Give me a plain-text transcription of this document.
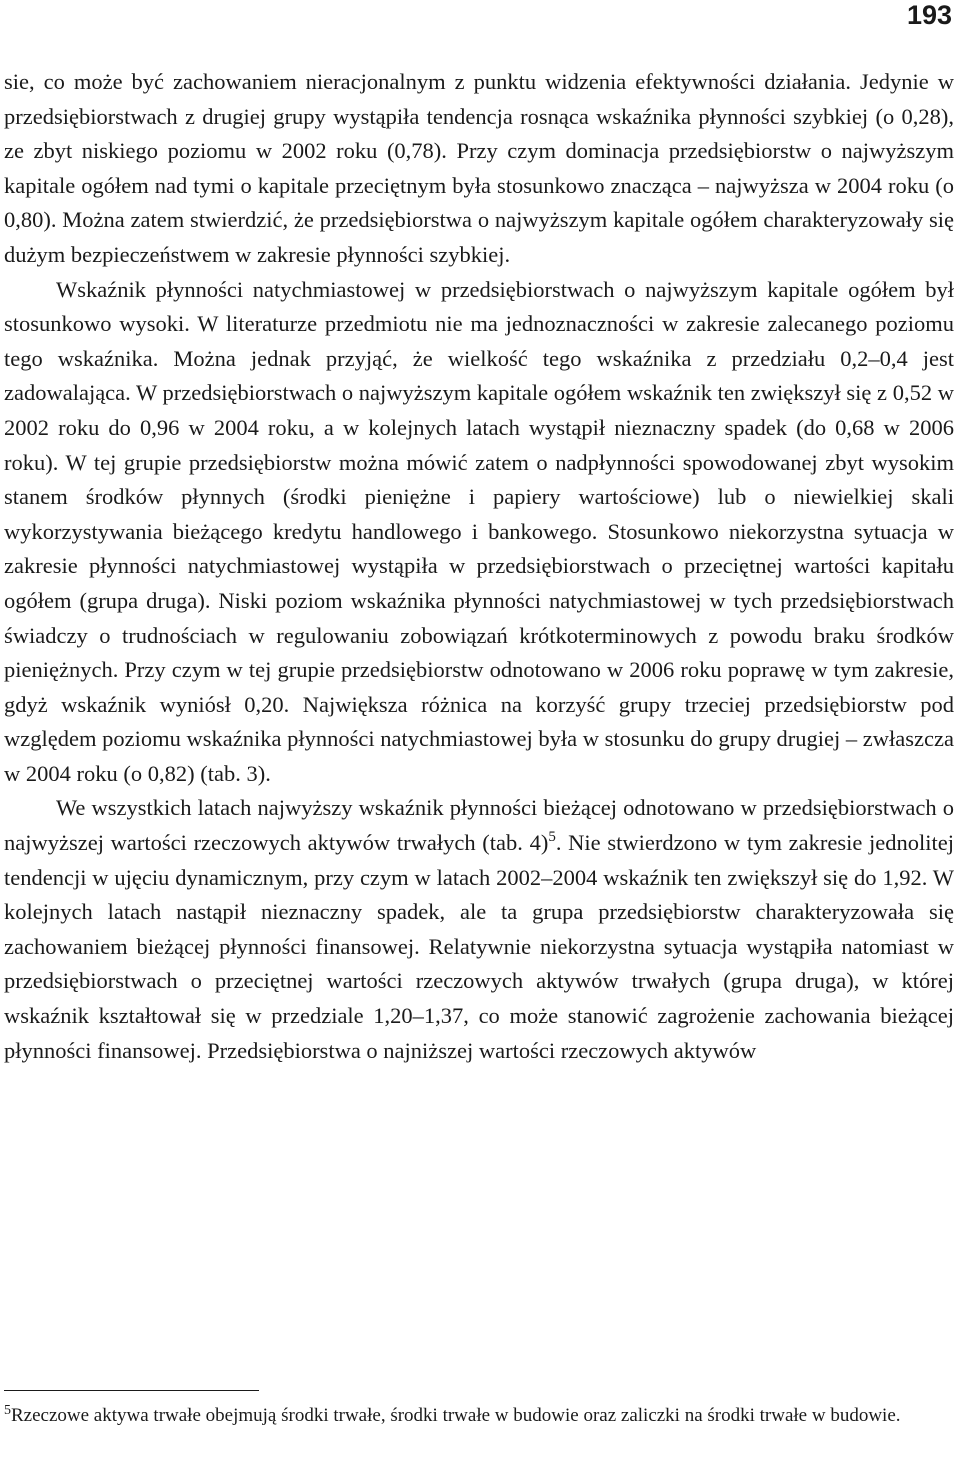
193

sie, co może być zachowaniem nieracjonalnym z punktu widzenia efektywności działania. Jedynie w przedsiębiorstwach z drugiej grupy wystąpiła tendencja rosnąca wskaźnika płynności szybkiej (o 0,28), ze zbyt niskiego poziomu w 2002 roku (0,78). Przy czym dominacja przedsiębiorstw o najwyższym kapitale ogółem nad tymi o kapitale przeciętnym była stosunkowo znacząca – najwyższa w 2004 roku (o 0,80). Można zatem stwierdzić, że przedsiębiorstwa o najwyższym kapitale ogółem charakteryzowały się dużym bezpieczeństwem w zakresie płynności szybkiej.

Wskaźnik płynności natychmiastowej w przedsiębiorstwach o najwyższym kapitale ogółem był stosunkowo wysoki. W literaturze przedmiotu nie ma jednoznaczności w zakresie zalecanego poziomu tego wskaźnika. Można jednak przyjąć, że wielkość tego wskaźnika z przedziału 0,2–0,4 jest zadowalająca. W przedsiębiorstwach o najwyższym kapitale ogółem wskaźnik ten zwiększył się z 0,52 w 2002 roku do 0,96 w 2004 roku, a w kolejnych latach wystąpił nieznaczny spadek (do 0,68 w 2006 roku). W tej grupie przedsiębiorstw można mówić zatem o nadpłynności spowodowanej zbyt wysokim stanem środków płynnych (środki pieniężne i papiery wartościowe) lub o niewielkiej skali wykorzystywania bieżącego kredytu handlowego i bankowego. Stosunkowo niekorzystna sytuacja w zakresie płynności natychmiastowej wystąpiła w przedsiębiorstwach o przeciętnej wartości kapitału ogółem (grupa druga). Niski poziom wskaźnika płynności natychmiastowej w tych przedsiębiorstwach świadczy o trudnościach w regulowaniu zobowiązań krótkoterminowych z powodu braku środków pieniężnych. Przy czym w tej grupie przedsiębiorstw odnotowano w 2006 roku poprawę w tym zakresie, gdyż wskaźnik wyniósł 0,20. Największa różnica na korzyść grupy trzeciej przedsiębiorstw pod względem poziomu wskaźnika płynności natychmiastowej była w stosunku do grupy drugiej – zwłaszcza w 2004 roku (o 0,82) (tab. 3).

We wszystkich latach najwyższy wskaźnik płynności bieżącej odnotowano w przedsiębiorstwach o najwyższej wartości rzeczowych aktywów trwałych (tab. 4)$^5$. Nie stwierdzono w tym zakresie jednolitej tendencji w ujęciu dynamicznym, przy czym w latach 2002–2004 wskaźnik ten zwiększył się do 1,92. W kolejnych latach nastąpił nieznaczny spadek, ale ta grupa przedsiębiorstw charakteryzowała się zachowaniem bieżącej płynności finansowej. Relatywnie niekorzystna sytuacja wystąpiła natomiast w przedsiębiorstwach o przeciętnej wartości rzeczowych aktywów trwałych (grupa druga), w której wskaźnik kształtował się w przedziale 1,20–1,37, co może stanowić zagrożenie zachowania bieżącej płynności finansowej. Przedsiębiorstwa o najniższej wartości rzeczowych aktywów

$^5$Rzeczowe aktywa trwałe obejmują środki trwałe, środki trwałe w budowie oraz zaliczki na środki trwałe w budowie.
